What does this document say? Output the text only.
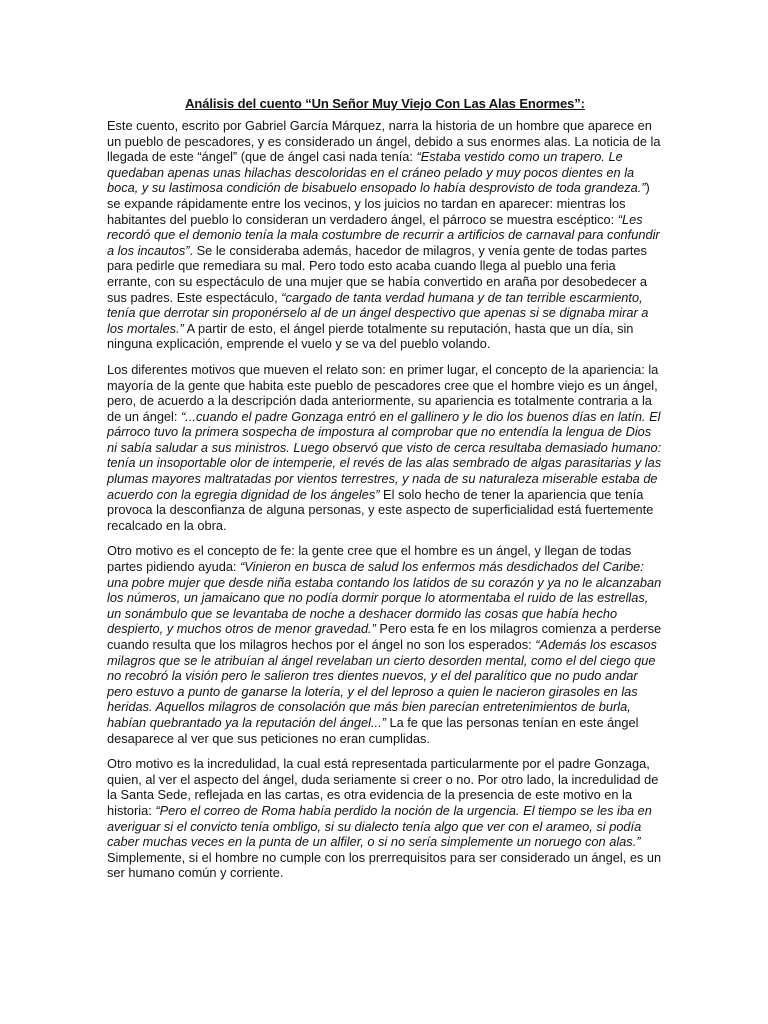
Análisis del cuento “Un Señor Muy Viejo Con Las Alas Enormes”:

Este cuento, escrito por Gabriel García Márquez, narra la historia de un hombre que aparece en un pueblo de pescadores, y es considerado un ángel, debido a sus enormes alas. La noticia de la llegada de este “ángel” (que de ángel casi nada tenía: “Estaba vestido como un trapero. Le quedaban apenas unas hilachas descoloridas en el cráneo pelado y muy pocos dientes en la boca, y su lastimosa condición de bisabuelo ensopado lo había desprovisto de toda grandeza.”) se expande rápidamente entre los vecinos, y los juicios no tardan en aparecer: mientras los habitantes del pueblo lo consideran un verdadero ángel, el párroco se muestra escéptico: “Les recordó que el demonio tenía la mala costumbre de recurrir a artificios de carnaval para confundir a los incautos”. Se le consideraba además, hacedor de milagros, y venía gente de todas partes para pedirle que remediara su mal. Pero todo esto acaba cuando llega al pueblo una feria errante, con su espectáculo de una mujer que se había convertido en araña por desobedecer a sus padres. Este espectáculo, “cargado de tanta verdad humana y de tan terrible escarmiento, tenía que derrotar sin proponérselo al de un ángel despectivo que apenas si se dignaba mirar a los mortales.” A partir de esto, el ángel pierde totalmente su reputación, hasta que un día, sin ninguna explicación, emprende el vuelo y se va del pueblo volando.

Los diferentes motivos que mueven el relato son: en primer lugar, el concepto de la apariencia: la mayoría de la gente que habita este pueblo de pescadores cree que el hombre viejo es un ángel, pero, de acuerdo a la descripción dada anteriormente, su apariencia es totalmente contraria a la de un ángel: “...cuando el padre Gonzaga entró en el gallinero y le dio los buenos días en latín. El párroco tuvo la primera sospecha de impostura al comprobar que no entendía la lengua de Dios ni sabía saludar a sus ministros. Luego observó que visto de cerca resultaba demasiado humano: tenía un insoportable olor de intemperie, el revés de las alas sembrado de algas parasitarias y las plumas mayores maltratadas por vientos terrestres, y nada de su naturaleza miserable estaba de acuerdo con la egregia dignidad de los ángeles” El solo hecho de tener la apariencia que tenía provoca la desconfianza de alguna personas, y este aspecto de superficialidad está fuertemente recalcado en la obra.

Otro motivo es el concepto de fe: la gente cree que el hombre es un ángel, y llegan de todas partes pidiendo ayuda: “Vinieron en busca de salud los enfermos más desdichados del Caribe: una pobre mujer que desde niña estaba contando los latidos de su corazón y ya no le alcanzaban los números, un jamaicano que no podía dormir porque lo atormentaba el ruido de las estrellas, un sonámbulo que se levantaba de noche a deshacer dormido las cosas que había hecho despierto, y muchos otros de menor gravedad.” Pero esta fe en los milagros comienza a perderse cuando resulta que los milagros hechos por el ángel no son los esperados: “Además los escasos milagros que se le atribuían al ángel revelaban un cierto desorden mental, como el del ciego que no recobró la visión pero le salieron tres dientes nuevos, y el del paralítico que no pudo andar pero estuvo a punto de ganarse la lotería, y el del leproso a quien le nacieron girasoles en las heridas. Aquellos milagros de consolación que más bien parecían entretenimientos de burla, habían quebrantado ya la reputación del ángel...” La fe que las personas tenían en este ángel desaparece al ver que sus peticiones no eran cumplidas.

Otro motivo es la incredulidad, la cual está representada particularmente por el padre Gonzaga, quien, al ver el aspecto del ángel, duda seriamente si creer o no. Por otro lado, la incredulidad de la Santa Sede, reflejada en las cartas, es otra evidencia de la presencia de este motivo en la historia: “Pero el correo de Roma había perdido la noción de la urgencia. El tiempo se les iba en averiguar si el convicto tenía ombligo, si su dialecto tenía algo que ver con el arameo, si podía caber muchas veces en la punta de un alfiler, o si no sería simplemente un noruego con alas.” Simplemente, si el hombre no cumple con los prerrequisitos para ser considerado un ángel, es un ser humano común y corriente.
